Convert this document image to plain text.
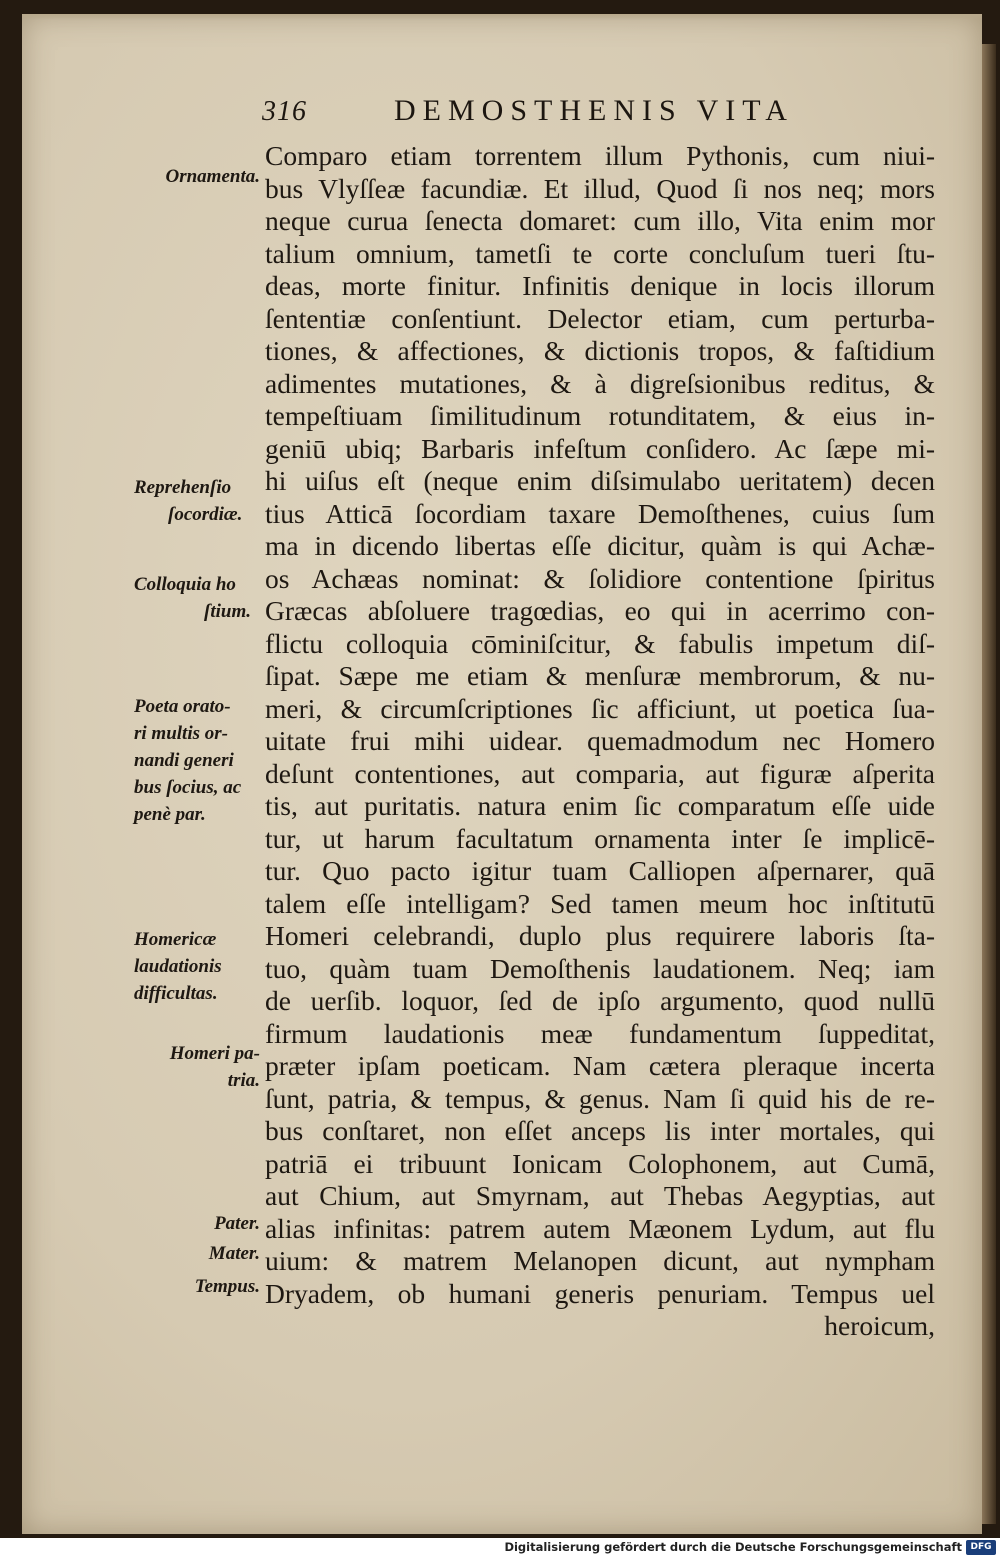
316	DEMOSTHENIS VITA
Comparo etiam torrentem illum Pythonis, cum niui-
bus Vlyſſeæ facundiæ. Et illud, Quod ſi nos neq; mors
neque curua ſenecta domaret: cum illo, Vita enim mor
talium omnium, tametſi te corte concluſum tueri ſtu-
deas, morte finitur. Infinitis denique in locis illorum
ſententiæ conſentiunt. Delector etiam, cum perturba-
tiones, & affectiones, & dictionis tropos, & faſtidium
adimentes mutationes, & à digreſsionibus reditus, &
tempeſtiuam ſimilitudinum rotunditatem, & eius in-
geniū ubiq; Barbaris infeſtum conſidero. Ac ſæpe mi-
hi uiſus eſt (neque enim diſsimulabo ueritatem) decen
tius Atticā ſocordiam taxare Demoſthenes, cuius ſum
ma in dicendo libertas eſſe dicitur, quàm is qui Achæ-
os Achæas nominat: & ſolidiore contentione ſpiritus
Græcas abſoluere tragœdias, eo qui in acerrimo con-
flictu colloquia cōminiſcitur, & fabulis impetum diſ-
ſipat. Sæpe me etiam & menſuræ membrorum, & nu-
meri, & circumſcriptiones ſic afficiunt, ut poetica ſua-
uitate frui mihi uidear. quemadmodum nec Homero
deſunt contentiones, aut comparia, aut figuræ aſperita
tis, aut puritatis. natura enim ſic comparatum eſſe uide
tur, ut harum facultatum ornamenta inter ſe implicē-
tur. Quo pacto igitur tuam Calliopen aſpernarer, quā
talem eſſe intelligam? Sed tamen meum hoc inſtitutū
Homeri celebrandi, duplo plus requirere laboris ſta-
tuo, quàm tuam Demoſthenis laudationem. Neq; iam
de uerſib. loquor, ſed de ipſo argumento, quod nullū
firmum laudationis meæ fundamentum ſuppeditat,
præter ipſam poeticam. Nam cætera pleraque incerta
ſunt, patria, & tempus, & genus. Nam ſi quid his de re-
bus conſtaret, non eſſet anceps lis inter mortales, qui
patriā ei tribuunt Ionicam Colophonem, aut Cumā,
aut Chium, aut Smyrnam, aut Thebas Aegyptias, aut
alias infinitas: patrem autem Mæonem Lydum, aut flu
uium: & matrem Melanopen dicunt, aut nympham
Dryadem, ob humani generis penuriam. Tempus uel
heroicum,
Ornamenta.
Reprehenſio
ſocordiæ.
Colloquia ho
ſtium.
Poeta orato-
ri multis or-
nandi generi
bus ſocius, ac
penè par.
Homericæ
laudationis
difficultas.
Homeri pa-
tria.
Pater.
Mater.
Tempus.
Digitalisierung gefördert durch die Deutsche Forschungsgemeinschaft DFG
